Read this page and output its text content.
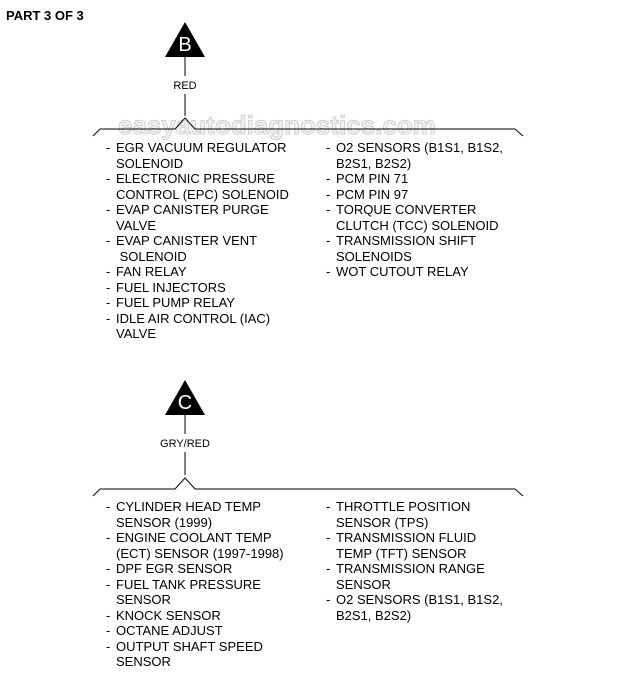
PART 3 OF 3
easyautodiagnostics.com
B
RED
C
GRY/RED
- EGR VACUUM REGULATOR
SOLENOID
- ELECTRONIC PRESSURE
CONTROL (EPC) SOLENOID
- EVAP CANISTER PURGE
VALVE
- EVAP CANISTER VENT
SOLENOID
- FAN RELAY
- FUEL INJECTORS
- FUEL PUMP RELAY
- IDLE AIR CONTROL (IAC)
VALVE
- O2 SENSORS (B1S1, B1S2,
B2S1, B2S2)
- PCM PIN 71
- PCM PIN 97
- TORQUE CONVERTER
CLUTCH (TCC) SOLENOID
- TRANSMISSION SHIFT
SOLENOIDS
- WOT CUTOUT RELAY
- CYLINDER HEAD TEMP
SENSOR (1999)
- ENGINE COOLANT TEMP
(ECT) SENSOR (1997-1998)
- DPF EGR SENSOR
- FUEL TANK PRESSURE
SENSOR
- KNOCK SENSOR
- OCTANE ADJUST
- OUTPUT SHAFT SPEED
SENSOR
- THROTTLE POSITION
SENSOR (TPS)
- TRANSMISSION FLUID
TEMP (TFT) SENSOR
- TRANSMISSION RANGE
SENSOR
- O2 SENSORS (B1S1, B1S2,
B2S1, B2S2)
